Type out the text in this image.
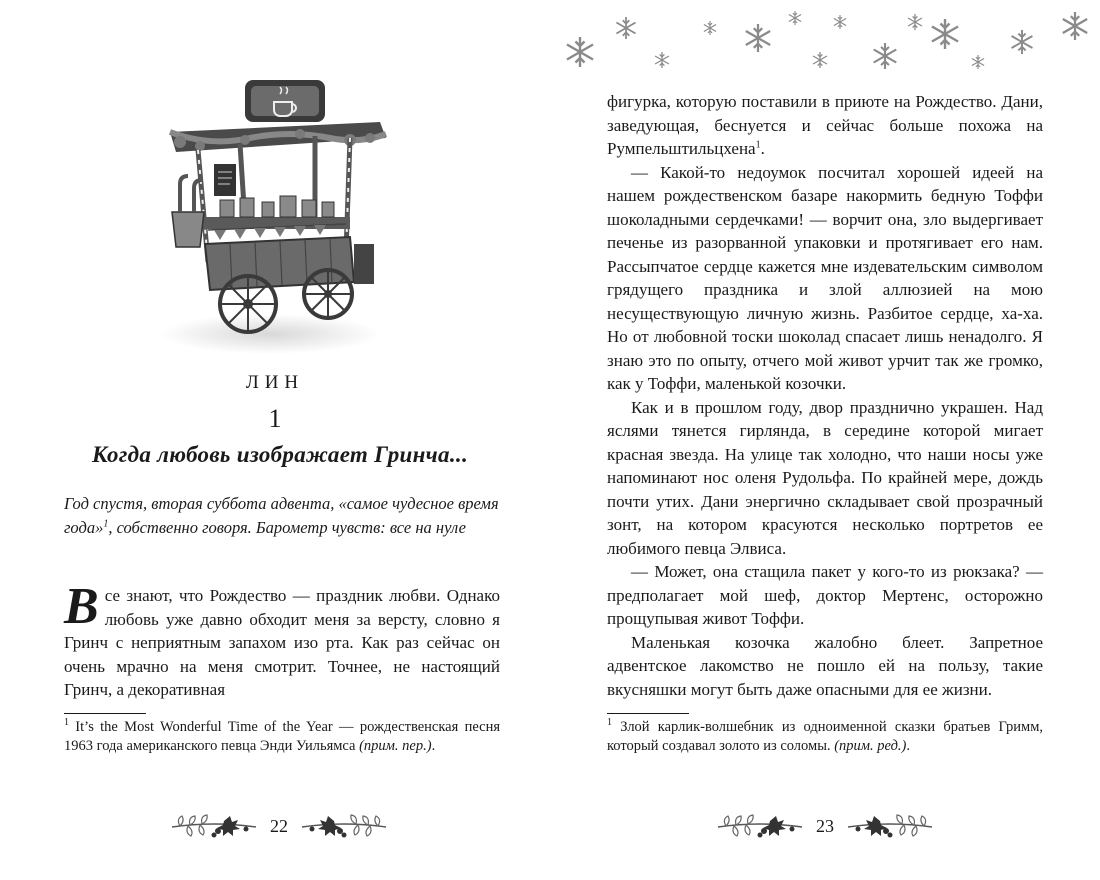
ЛИН
1
Когда любовь изображает Гринча...
Год спустя, вторая суббота адвента, «самое чудесное время года»$^1$, собственно говоря. Барометр чувств: все на нуле

Все знают, что Рождество — праздник любви. Однако любовь уже давно обходит меня за версту, словно я Гринч с неприятным запахом изо рта. Как раз сейчас он очень мрачно на меня смотрит. Точнее, не настоящий Гринч, а декоративная

$^1$ It’s the Most Wonderful Time of the Year — рождественская песня 1963 года американского певца Энди Уильямса (прим. пер.).
22

фигурка, которую поставили в приюте на Рождество. Дани, заведующая, беснуется и сейчас больше похожа на Румпельштильцхена$^1$.

— Какой-то недоумок посчитал хорошей идеей на нашем рождественском базаре накормить бедную Тоффи шоколадными сердечками! — ворчит она, зло выдергивает печенье из разорванной упаковки и протягивает его нам. Рассыпчатое сердце кажется мне издевательским символом грядущего праздника и злой аллюзией на мою несуществующую личную жизнь. Разбитое сердце, ха-ха. Но от любовной тоски шоколад спасает лишь ненадолго. Я знаю это по опыту, отчего мой живот урчит так же громко, как у Тоффи, маленькой козочки.

Как и в прошлом году, двор празднично украшен. Над яслями тянется гирлянда, в середине которой мигает красная звезда. На улице так холодно, что наши носы уже напоминают нос оленя Рудольфа. По крайней мере, дождь почти утих. Дани энергично складывает свой прозрачный зонт, на котором красуются несколько портретов ее любимого певца Элвиса.

— Может, она стащила пакет у кого-то из рюкзака? — предполагает мой шеф, доктор Мертенс, осторожно прощупывая живот Тоффи.

Маленькая козочка жалобно блеет. Запретное адвентское лакомство не пошло ей на пользу, такие вкусняшки могут быть даже опасными для ее жизни.

$^1$ Злой карлик-волшебник из одноименной сказки братьев Гримм, который создавал золото из соломы. (прим. ред.).
23
